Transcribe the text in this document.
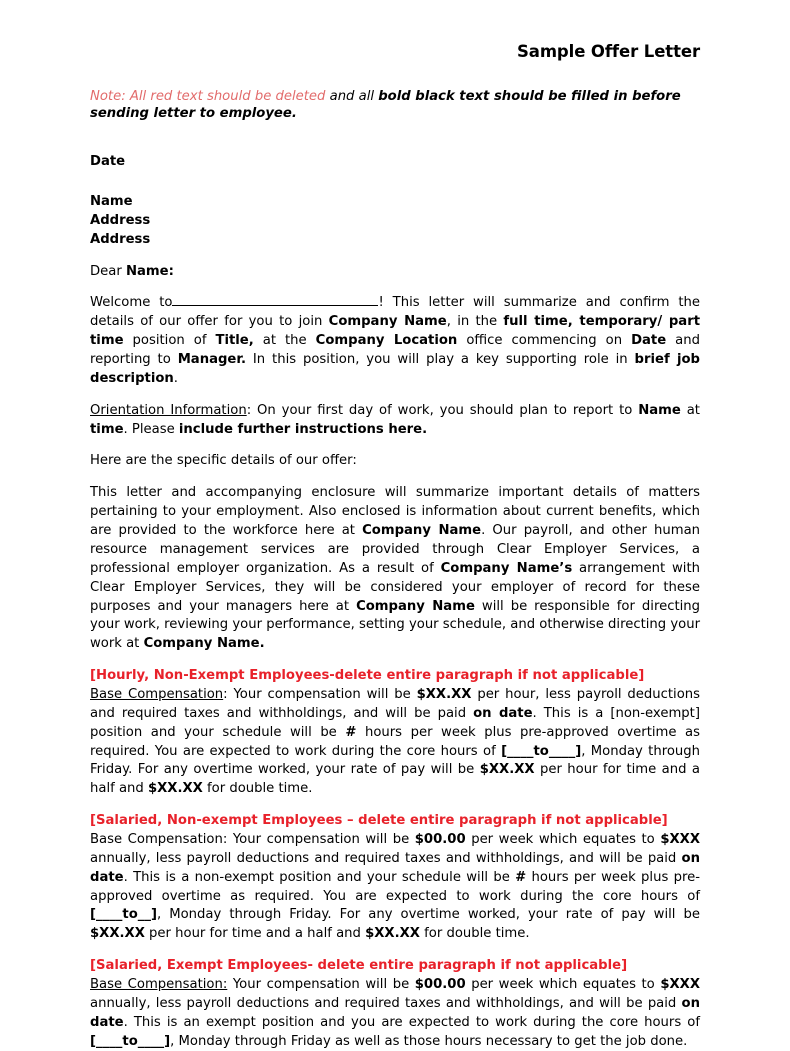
Sample Offer Letter
Note: All red text should be deleted and all bold black text should be filled in before sending letter to employee.
Date
Name
Address
Address
Dear Name:

Welcome to	! This letter will summarize and confirm the details of our offer for you to join Company Name, in the full time, temporary/ part time position of Title, at the Company Location office commencing on Date and reporting to Manager. In this position, you will play a key supporting role in brief job description.

Orientation Information: On your first day of work, you should plan to report to Name at time. Please include further instructions here.

Here are the specific details of our offer:

This letter and accompanying enclosure will summarize important details of matters pertaining to your employment. Also enclosed is information about current benefits, which are provided to the workforce here at Company Name. Our payroll, and other human resource management services are provided through Clear Employer Services, a professional employer organization. As a result of Company Name’s arrangement with Clear Employer Services, they will be considered your employer of record for these purposes and your managers here at Company Name will be responsible for directing your work, reviewing your performance, setting your schedule, and otherwise directing your work at Company Name.

[Hourly, Non-Exempt Employees-delete entire paragraph if not applicable]

Base Compensation: Your compensation will be $XX.XX per hour, less payroll deductions and required taxes and withholdings, and will be paid on date. This is a [non-exempt] position and your schedule will be # hours per week plus pre-approved overtime as required. You are expected to work during the core hours of [____to____], Monday through Friday. For any overtime worked, your rate of pay will be $XX.XX per hour for time and a half and $XX.XX for double time.

[Salaried, Non-exempt Employees – delete entire paragraph if not applicable]

Base Compensation: Your compensation will be $00.00 per week which equates to $XXX annually, less payroll deductions and required taxes and withholdings, and will be paid on date. This is a non-exempt position and your schedule will be # hours per week plus pre-approved overtime as required. You are expected to work during the core hours of [____to__], Monday through Friday. For any overtime worked, your rate of pay will be $XX.XX per hour for time and a half and $XX.XX for double time.

[Salaried, Exempt Employees- delete entire paragraph if not applicable]

Base Compensation: Your compensation will be $00.00 per week which equates to $XXX annually, less payroll deductions and required taxes and withholdings, and will be paid on date. This is an exempt position and you are expected to work during the core hours of [____to____], Monday through Friday as well as those hours necessary to get the job done.
